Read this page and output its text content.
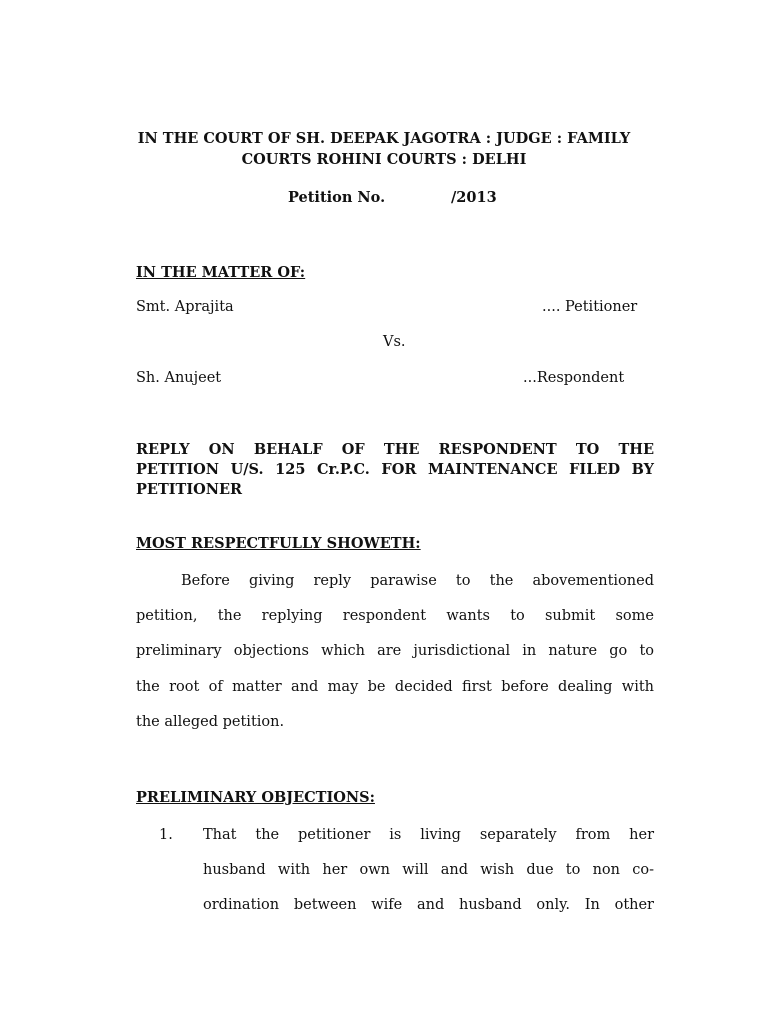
IN THE COURT OF SH. DEEPAK JAGOTRA : JUDGE : FAMILY
COURTS ROHINI COURTS : DELHI
Petition No.	/2013
IN THE MATTER OF:
Smt. Aprajita	.... Petitioner
Vs.
Sh. Anujeet	...Respondent
REPLY ON BEHALF OF THE RESPONDENT TO THE
PETITION U/S. 125 Cr.P.C. FOR MAINTENANCE FILED BY
PETITIONER
MOST RESPECTFULLY SHOWETH:
Before giving reply parawise to the abovementioned
petition, the replying respondent wants to submit some
preliminary objections which are jurisdictional in nature go to
the root of matter and may be decided first before dealing with
the alleged petition.
PRELIMINARY OBJECTIONS:
1. That the petitioner is living separately from her
husband with her own will and wish due to non co-
ordination between wife and husband only. In other
